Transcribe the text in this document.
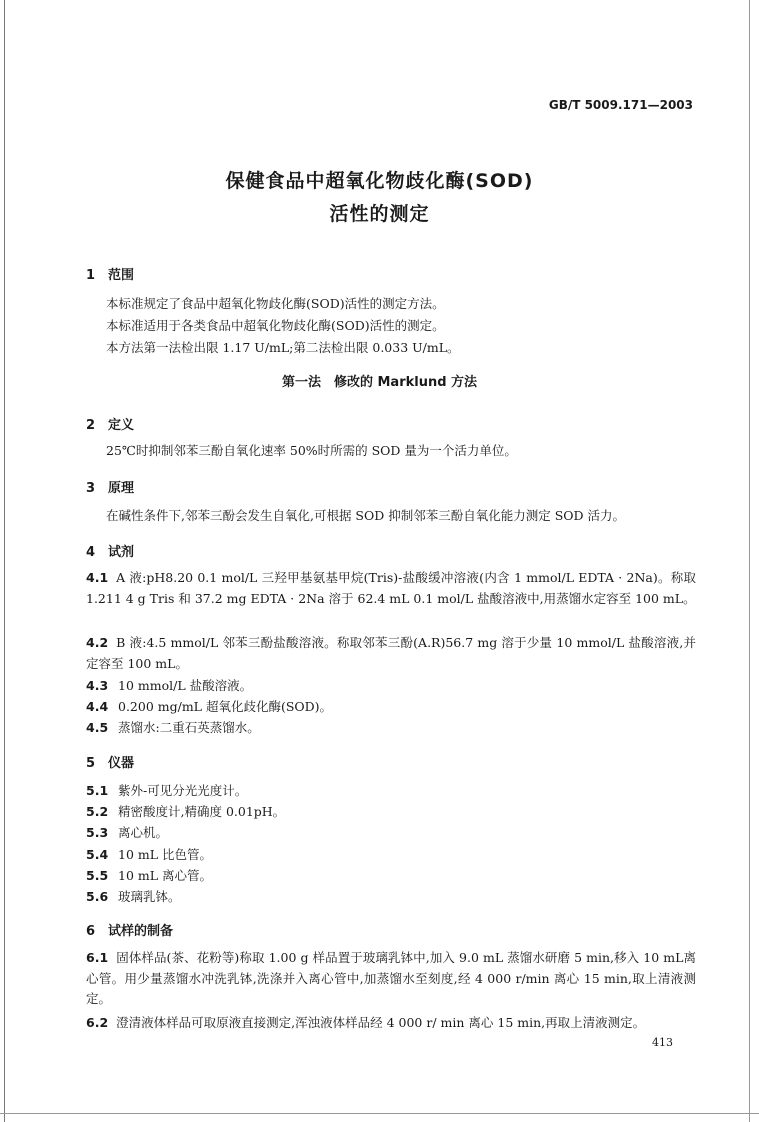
GB/T 5009.171—2003
保健食品中超氧化物歧化酶(SOD)
活性的测定
1 范围
本标准规定了食品中超氧化物歧化酶(SOD)活性的测定方法。
本标准适用于各类食品中超氧化物歧化酶(SOD)活性的测定。
本方法第一法检出限 1.17 U/mL;第二法检出限 0.033 U/mL。
第一法　修改的 Marklund 方法
2 定义
25℃时抑制邻苯三酚自氧化速率 50%时所需的 SOD 量为一个活力单位。
3 原理
在碱性条件下,邻苯三酚会发生自氧化,可根据 SOD 抑制邻苯三酚自氧化能力测定 SOD 活力。
4 试剂
4.1 A 液:pH8.20 0.1 mol/L 三羟甲基氨基甲烷(Tris)-盐酸缓冲溶液(内含 1 mmol/L EDTA · 2Na)。称取 1.211 4 g Tris 和 37.2 mg EDTA · 2Na 溶于 62.4 mL 0.1 mol/L 盐酸溶液中,用蒸馏水定容至 100 mL。
4.2 B 液:4.5 mmol/L 邻苯三酚盐酸溶液。称取邻苯三酚(A.R)56.7 mg 溶于少量 10 mmol/L 盐酸溶液,并定容至 100 mL。
4.3 10 mmol/L 盐酸溶液。
4.4 0.200 mg/mL 超氧化歧化酶(SOD)。
4.5 蒸馏水:二重石英蒸馏水。
5 仪器
5.1 紫外-可见分光光度计。
5.2 精密酸度计,精确度 0.01pH。
5.3 离心机。
5.4 10 mL 比色管。
5.5 10 mL 离心管。
5.6 玻璃乳钵。
6 试样的制备
6.1 固体样品(茶、花粉等)称取 1.00 g 样品置于玻璃乳钵中,加入 9.0 mL 蒸馏水研磨 5 min,移入 10 mL离心管。用少量蒸馏水冲洗乳钵,洗涤并入离心管中,加蒸馏水至刻度,经 4 000 r/min 离心 15 min,取上清液测定。
6.2 澄清液体样品可取原液直接测定,浑浊液体样品经 4 000 r/ min 离心 15 min,再取上清液测定。
413
